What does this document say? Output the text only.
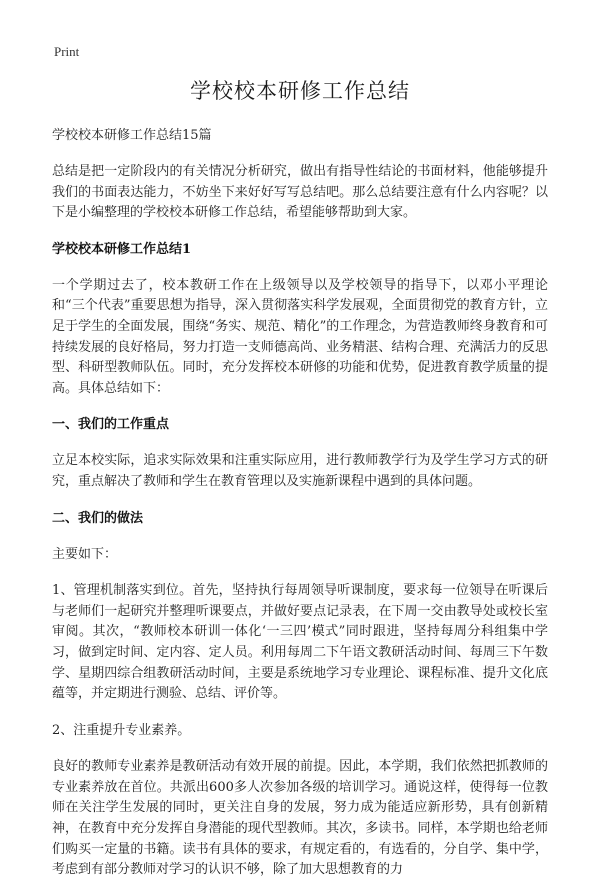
Print
学校校本研修工作总结

学校校本研修工作总结15篇

总结是把一定阶段内的有关情况分析研究，做出有指导性结论的书面材料，他能够提升我们的书面表达能力，不妨坐下来好好写写总结吧。那么总结要注意有什么内容呢？以下是小编整理的学校校本研修工作总结，希望能够帮助到大家。

学校校本研修工作总结1

一个学期过去了，校本教研工作在上级领导以及学校领导的指导下，以邓小平理论和“三个代表”重要思想为指导，深入贯彻落实科学发展观，全面贯彻党的教育方针，立足于学生的全面发展，围绕“务实、规范、精化”的工作理念，为营造教师终身教育和可持续发展的良好格局，努力打造一支师德高尚、业务精湛、结构合理、充满活力的反思型、科研型教师队伍。同时，充分发挥校本研修的功能和优势，促进教育教学质量的提高。具体总结如下：

一、我们的工作重点

立足本校实际，追求实际效果和注重实际应用，进行教师教学行为及学生学习方式的研究，重点解决了教师和学生在教育管理以及实施新课程中遇到的具体问题。

二、我们的做法

主要如下：

1、管理机制落实到位。首先，坚持执行每周领导听课制度，要求每一位领导在听课后与老师们一起研究并整理听课要点，并做好要点记录表，在下周一交由教导处或校长室审阅。其次，“教师校本研训一体化‘一三四’模式”同时跟进，坚持每周分科组集中学习，做到定时间、定内容、定人员。利用每周二下午语文教研活动时间、每周三下午数学、星期四综合组教研活动时间，主要是系统地学习专业理论、课程标准、提升文化底蕴等，并定期进行测验、总结、评价等。

2、注重提升专业素养。

良好的教师专业素养是教研活动有效开展的前提。因此，本学期，我们依然把抓教师的专业素养放在首位。共派出600多人次参加各级的培训学习。通说这样，使得每一位教师在关注学生发展的同时，更关注自身的发展，努力成为能适应新形势，具有创新精神，在教育中充分发挥自身潜能的现代型教师。其次，多读书。同样，本学期也给老师们购买一定量的书籍。读书有具体的要求，有规定看的，有选看的，分自学、集中学，考虑到有部分教师对学习的认识不够，除了加大思想教育的力
